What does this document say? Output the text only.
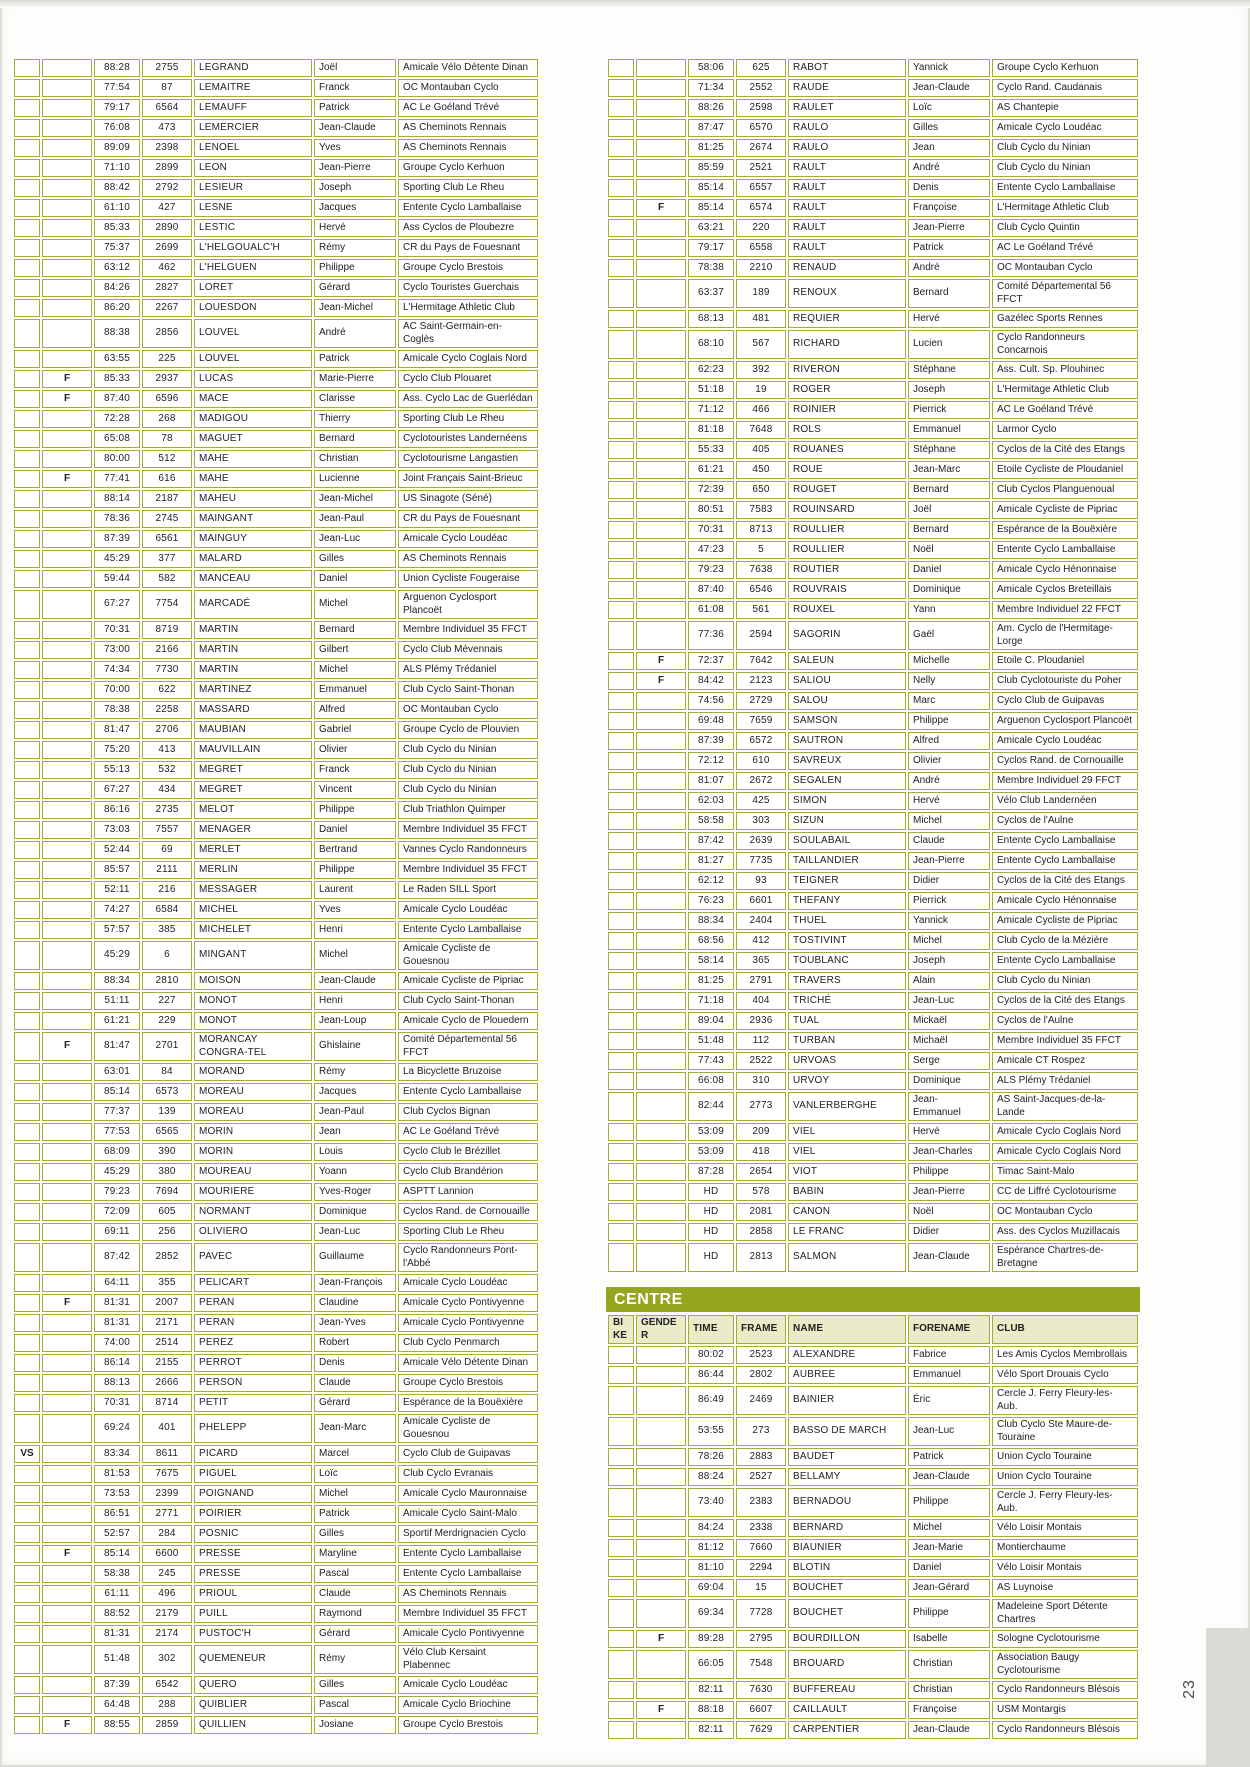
		88:28	2755	LEGRAND	Joël	Amicale Vélo Détente Dinan
		77:54	87	LEMAITRE	Franck	OC Montauban Cyclo
		79:17	6564	LEMAUFF	Patrick	AC Le Goéland Trévé
		76:08	473	LEMERCIER	Jean-Claude	AS Cheminots Rennais
		89:09	2398	LENOEL	Yves	AS Cheminots Rennais
		71:10	2899	LEON	Jean-Pierre	Groupe Cyclo Kerhuon
		88:42	2792	LESIEUR	Joseph	Sporting Club Le Rheu
		61:10	427	LESNE	Jacques	Entente Cyclo Lamballaise
		85:33	2890	LESTIC	Hervé	Ass Cyclos de Ploubezre
		75:37	2699	L'HELGOUALC'H	Rémy	CR du Pays de Fouesnant
		63:12	462	L'HELGUEN	Philippe	Groupe Cyclo Brestois
		84:26	2827	LORET	Gérard	Cyclo Touristes Guerchais
		86:20	2267	LOUESDON	Jean-Michel	L'Hermitage Athletic Club
		88:38	2856	LOUVEL	André	AC Saint-Germain-en-Coglès
		63:55	225	LOUVEL	Patrick	Amicale Cyclo Coglais Nord
	F	85:33	2937	LUCAS	Marie-Pierre	Cyclo Club Plouaret
	F	87:40	6596	MACE	Clarisse	Ass. Cyclo Lac de Guerlédan
		72:28	268	MADIGOU	Thierry	Sporting Club Le Rheu
		65:08	78	MAGUET	Bernard	Cyclotouristes Landernéens
		80:00	512	MAHE	Christian	Cyclotourisme Langastien
	F	77:41	616	MAHE	Lucienne	Joint Français Saint-Brieuc
		88:14	2187	MAHEU	Jean-Michel	US Sinagote (Séné)
		78:36	2745	MAINGANT	Jean-Paul	CR du Pays de Fouesnant
		87:39	6561	MAINGUY	Jean-Luc	Amicale Cyclo Loudéac
		45:29	377	MALARD	Gilles	AS Cheminots Rennais
		59:44	582	MANCEAU	Daniel	Union Cycliste Fougeraise
		67:27	7754	MARCADÉ	Michel	Arguenon Cyclosport Plancoët
		70:31	8719	MARTIN	Bernard	Membre Individuel 35 FFCT
		73:00	2166	MARTIN	Gilbert	Cyclo Club Mévennais
		74:34	7730	MARTIN	Michel	ALS Plémy Trédaniel
		70:00	622	MARTINEZ	Emmanuel	Club Cyclo Saint-Thonan
		78:38	2258	MASSARD	Alfred	OC Montauban Cyclo
		81:47	2706	MAUBIAN	Gabriel	Groupe Cyclo de Plouvien
		75:20	413	MAUVILLAIN	Olivier	Club Cyclo du Ninian
		55:13	532	MEGRET	Franck	Club Cyclo du Ninian
		67:27	434	MEGRET	Vincent	Club Cyclo du Ninian
		86:16	2735	MELOT	Philippe	Club Triathlon Quimper
		73:03	7557	MENAGER	Daniel	Membre Individuel 35 FFCT
		52:44	69	MERLET	Bertrand	Vannes Cyclo Randonneurs
		85:57	2111	MERLIN	Philippe	Membre Individuel 35 FFCT
		52:11	216	MESSAGER	Laurent	Le Raden SILL Sport
		74:27	6584	MICHEL	Yves	Amicale Cyclo Loudéac
		57:57	385	MICHELET	Henri	Entente Cyclo Lamballaise
		45:29	6	MINGANT	Michel	Amicale Cycliste de Gouesnou
		88:34	2810	MOISON	Jean-Claude	Amicale Cycliste de Pipriac
		51:11	227	MONOT	Henri	Club Cyclo Saint-Thonan
		61:21	229	MONOT	Jean-Loup	Amicale Cyclo de Plouedern
	F	81:47	2701	MORANCAY CONGRA-TEL	Ghislaine	Comité Départemental 56 FFCT
		63:01	84	MORAND	Rémy	La Bicyclette Bruzoise
		85:14	6573	MOREAU	Jacques	Entente Cyclo Lamballaise
		77:37	139	MOREAU	Jean-Paul	Club Cyclos Bignan
		77:53	6565	MORIN	Jean	AC Le Goéland Trévé
		68:09	390	MORIN	Louis	Cyclo Club le Brézillet
		45:29	380	MOUREAU	Yoann	Cyclo Club Brandérion
		79:23	7694	MOURIERE	Yves-Roger	ASPTT Lannion
		72:09	605	NORMANT	Dominique	Cyclos Rand. de Cornouaille
		69:11	256	OLIVIERO	Jean-Luc	Sporting Club Le Rheu
		87:42	2852	PAVEC	Guillaume	Cyclo Randonneurs Pont-l'Abbé
		64:11	355	PELICART	Jean-François	Amicale Cyclo Loudéac
	F	81:31	2007	PERAN	Claudine	Amicale Cyclo Pontivyenne
		81:31	2171	PERAN	Jean-Yves	Amicale Cyclo Pontivyenne
		74:00	2514	PEREZ	Robert	Club Cyclo Penmarch
		86:14	2155	PERROT	Denis	Amicale Vélo Détente Dinan
		88:13	2666	PERSON	Claude	Groupe Cyclo Brestois
		70:31	8714	PETIT	Gérard	Espérance de la Bouëxière
		69:24	401	PHELEPP	Jean-Marc	Amicale Cycliste de Gouesnou
VS		83:34	8611	PICARD	Marcel	Cyclo Club de Guipavas
		81:53	7675	PIGUEL	Loïc	Club Cyclo Evranais
		73:53	2399	POIGNAND	Michel	Amicale Cyclo Mauronnaise
		86:51	2771	POIRIER	Patrick	Amicale Cyclo Saint-Malo
		52:57	284	POSNIC	Gilles	Sportif Merdrignacien Cyclo
	F	85:14	6600	PRESSE	Maryline	Entente Cyclo Lamballaise
		58:38	245	PRESSE	Pascal	Entente Cyclo Lamballaise
		61:11	496	PRIOUL	Claude	AS Cheminots Rennais
		88:52	2179	PUILL	Raymond	Membre Individuel 35 FFCT
		81:31	2174	PUSTOC'H	Gérard	Amicale Cyclo Pontivyenne
		51:48	302	QUEMENEUR	Rémy	Vélo Club Kersaint Plabennec
		87:39	6542	QUERO	Gilles	Amicale Cyclo Loudéac
		64:48	288	QUIBLIER	Pascal	Amicale Cyclo Briochine
	F	88:55	2859	QUILLIEN	Josiane	Groupe Cyclo Brestois
		58:06	625	RABOT	Yannick	Groupe Cyclo Kerhuon
		71:34	2552	RAUDE	Jean-Claude	Cyclo Rand. Caudanais
		88:26	2598	RAULET	Loïc	AS Chantepie
		87:47	6570	RAULO	Gilles	Amicale Cyclo Loudéac
		81:25	2674	RAULO	Jean	Club Cyclo du Ninian
		85:59	2521	RAULT	André	Club Cyclo du Ninian
		85:14	6557	RAULT	Denis	Entente Cyclo Lamballaise
	F	85:14	6574	RAULT	Françoise	L'Hermitage Athletic Club
		63:21	220	RAULT	Jean-Pierre	Club Cyclo Quintin
		79:17	6558	RAULT	Patrick	AC Le Goéland Trévé
		78:38	2210	RENAUD	André	OC Montauban Cyclo
		63:37	189	RENOUX	Bernard	Comité Départemental 56 FFCT
		68:13	481	REQUIER	Hervé	Gazélec Sports Rennes
		68:10	567	RICHARD	Lucien	Cyclo Randonneurs Concarnois
		62:23	392	RIVERON	Stéphane	Ass. Cult. Sp. Plouhinec
		51:18	19	ROGER	Joseph	L'Hermitage Athletic Club
		71:12	466	ROINIER	Pierrick	AC Le Goéland Trévé
		81:18	7648	ROLS	Emmanuel	Larmor Cyclo
		55:33	405	ROUANES	Stéphane	Cyclos de la Cité des Etangs
		61:21	450	ROUE	Jean-Marc	Etoile Cycliste de Ploudaniel
		72:39	650	ROUGET	Bernard	Club Cyclos Planguenoual
		80:51	7583	ROUINSARD	Joël	Amicale Cycliste de Pipriac
		70:31	8713	ROULLIER	Bernard	Espérance de la Bouëxière
		47:23	5	ROULLIER	Noël	Entente Cyclo Lamballaise
		79:23	7638	ROUTIER	Daniel	Amicale Cyclo Hénonnaise
		87:40	6546	ROUVRAIS	Dominique	Amicale Cyclos Breteillais
		61:08	561	ROUXEL	Yann	Membre Individuel 22 FFCT
		77:36	2594	SAGORIN	Gaël	Am. Cyclo de l'Hermitage-Lorge
	F	72:37	7642	SALEUN	Michelle	Etoile C. Ploudaniel
	F	84:42	2123	SALIOU	Nelly	Club Cyclotouriste du Poher
		74:56	2729	SALOU	Marc	Cyclo Club de Guipavas
		69:48	7659	SAMSON	Philippe	Arguenon Cyclosport Plancoët
		87:39	6572	SAUTRON	Alfred	Amicale Cyclo Loudéac
		72:12	610	SAVREUX	Olivier	Cyclos Rand. de Cornouaille
		81:07	2672	SEGALEN	André	Membre Individuel 29 FFCT
		62:03	425	SIMON	Hervé	Vélo Club Landernéen
		58:58	303	SIZUN	Michel	Cyclos de l'Aulne
		87:42	2639	SOULABAIL	Claude	Entente Cyclo Lamballaise
		81:27	7735	TAILLANDIER	Jean-Pierre	Entente Cyclo Lamballaise
		62:12	93	TEIGNER	Didier	Cyclos de la Cité des Etangs
		76:23	6601	THEFANY	Pierrick	Amicale Cyclo Hénonnaise
		88:34	2404	THUEL	Yannick	Amicale Cycliste de Pipriac
		68:56	412	TOSTIVINT	Michel	Club Cyclo de la Mézière
		58:14	365	TOUBLANC	Joseph	Entente Cyclo Lamballaise
		81:25	2791	TRAVERS	Alain	Club Cyclo du Ninian
		71:18	404	TRICHÉ	Jean-Luc	Cyclos de la Cité des Etangs
		89:04	2936	TUAL	Mickaël	Cyclos de l'Aulne
		51:48	112	TURBAN	Michaël	Membre Individuel 35 FFCT
		77:43	2522	URVOAS	Serge	Amicale CT Rospez
		66:08	310	URVOY	Dominique	ALS Plémy Trédaniel
		82:44	2773	VANLERBERGHE	Jean-Emmanuel	AS Saint-Jacques-de-la-Lande
		53:09	209	VIEL	Hervé	Amicale Cyclo Coglais Nord
		53:09	418	VIEL	Jean-Charles	Amicale Cyclo Coglais Nord
		87:28	2654	VIOT	Philippe	Timac Saint-Malo
		HD	578	BABIN	Jean-Pierre	CC de Liffré Cyclotourisme
		HD	2081	CANON	Noël	OC Montauban Cyclo
		HD	2858	LE FRANC	Didier	Ass. des Cyclos Muzillacais
		HD	2813	SALMON	Jean-Claude	Espérance Chartres-de-Bretagne
CENTRE
BIKE	GENDER	TIME	FRAME	NAME	FORENAME	CLUB
		80:02	2523	ALEXANDRE	Fabrice	Les Amis Cyclos Membrollais
		86:44	2802	AUBREE	Emmanuel	Vélo Sport Drouais Cyclo
		86:49	2469	BAINIER	Éric	Cercle J. Ferry Fleury-les-Aub.
		53:55	273	BASSO DE MARCH	Jean-Luc	Club Cyclo Ste Maure-de-Touraine
		78:26	2883	BAUDET	Patrick	Union Cyclo Touraine
		88:24	2527	BELLAMY	Jean-Claude	Union Cyclo Touraine
		73:40	2383	BERNADOU	Philippe	Cercle J. Ferry Fleury-les-Aub.
		84:24	2338	BERNARD	Michel	Vélo Loisir Montais
		81:12	7660	BIAUNIER	Jean-Marie	Montierchaume
		81:10	2294	BLOTIN	Daniel	Vélo Loisir Montais
		69:04	15	BOUCHET	Jean-Gérard	AS Luynoise
		69:34	7728	BOUCHET	Philippe	Madeleine Sport Détente Chartres
	F	89:28	2795	BOURDILLON	Isabelle	Sologne Cyclotourisme
		66:05	7548	BROUARD	Christian	Association Baugy Cyclotourisme
		82:11	7630	BUFFEREAU	Christian	Cyclo Randonneurs Blésois
	F	88:18	6607	CAILLAULT	Françoise	USM Montargis
		82:11	7629	CARPENTIER	Jean-Claude	Cyclo Randonneurs Blésois
23
